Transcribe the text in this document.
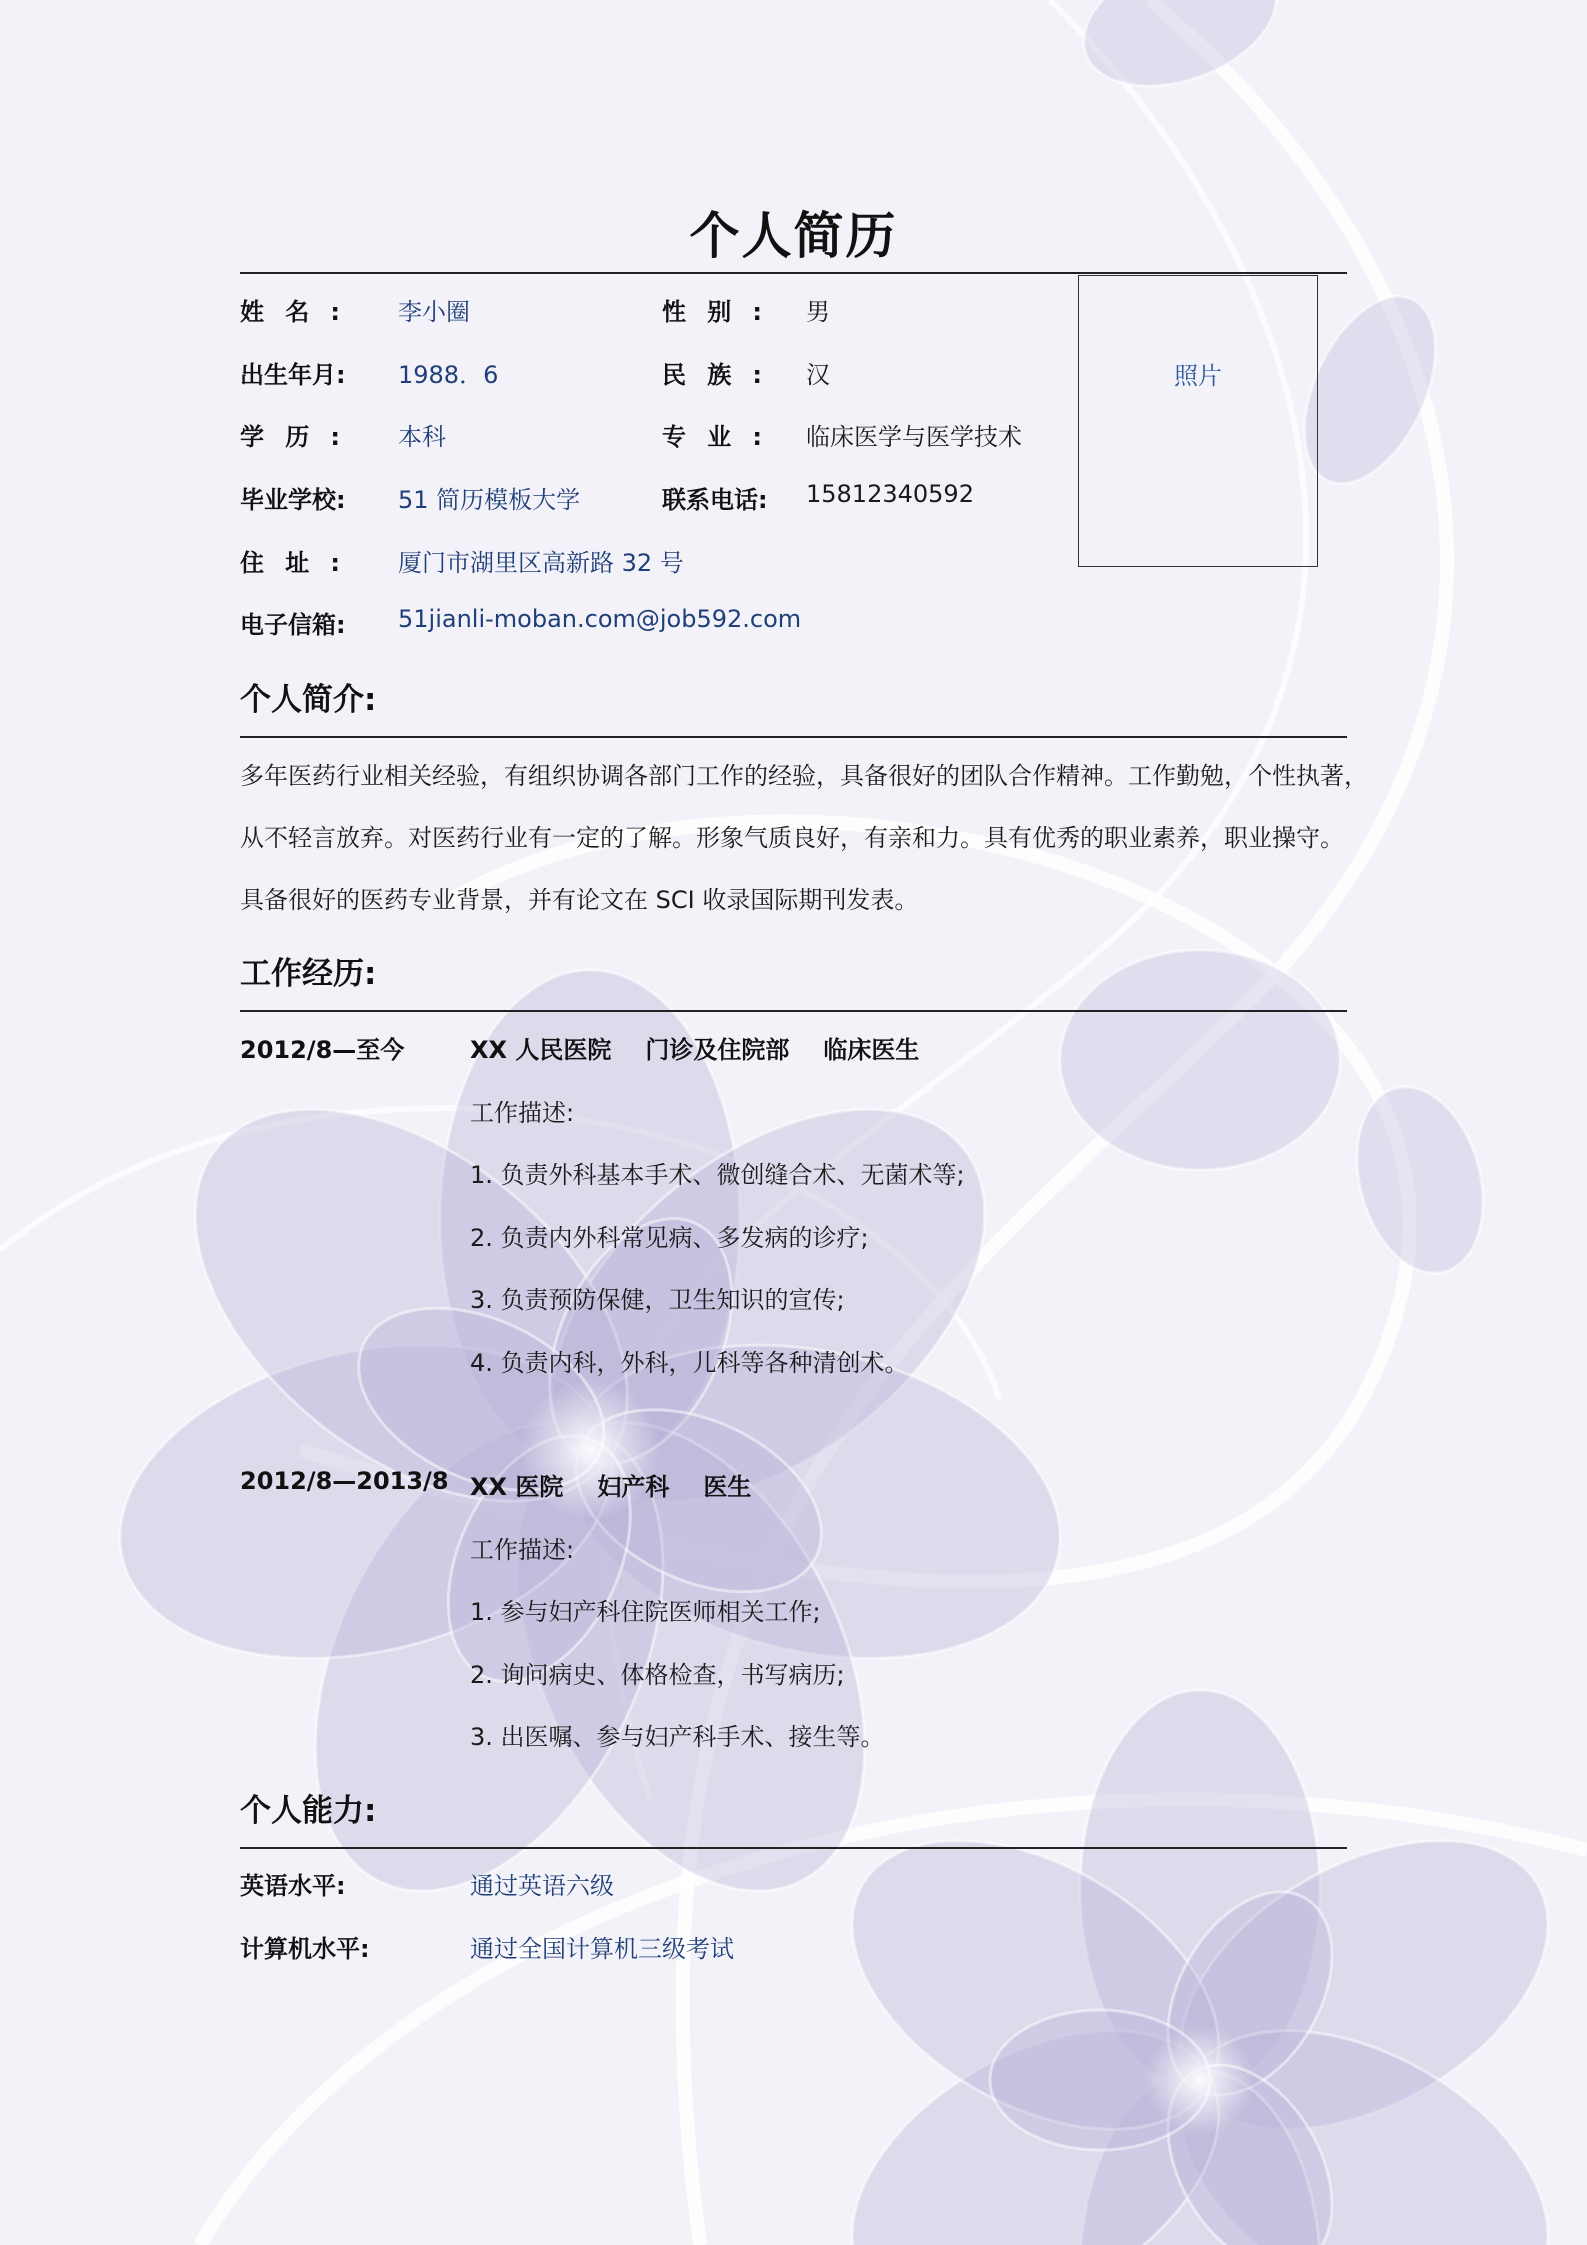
个人简历
姓名: 李小圈	性别: 男
出生年月: 1988．6	民族: 汉
学历: 本科	专业: 临床医学与医学技术
毕业学校: 51 简历模板大学	联系电话: 15812340592
住址: 厦门市湖里区高新路 32 号
电子信箱: 51jianli-moban.com@job592.com
照片
个人简介:
多年医药行业相关经验，有组织协调各部门工作的经验，具备很好的团队合作精神。工作勤勉，个性执著，
从不轻言放弃。对医药行业有一定的了解。形象气质良好，有亲和力。具有优秀的职业素养，职业操守。
具备很好的医药专业背景，并有论文在 SCI 收录国际期刊发表。
工作经历:
2012/8—至今	XX 人民医院 门诊及住院部 临床医生
工作描述:
1. 负责外科基本手术、微创缝合术、无菌术等;
2. 负责内外科常见病、多发病的诊疗;
3. 负责预防保健，卫生知识的宣传;
4. 负责内科，外科，儿科等各种清创术。
2012/8—2013/8 XX 医院 妇产科 医生
工作描述:
1. 参与妇产科住院医师相关工作;
2. 询问病史、体格检查，书写病历;
3. 出医嘱、参与妇产科手术、接生等。
个人能力:
英语水平:	通过英语六级
计算机水平:	通过全国计算机三级考试
